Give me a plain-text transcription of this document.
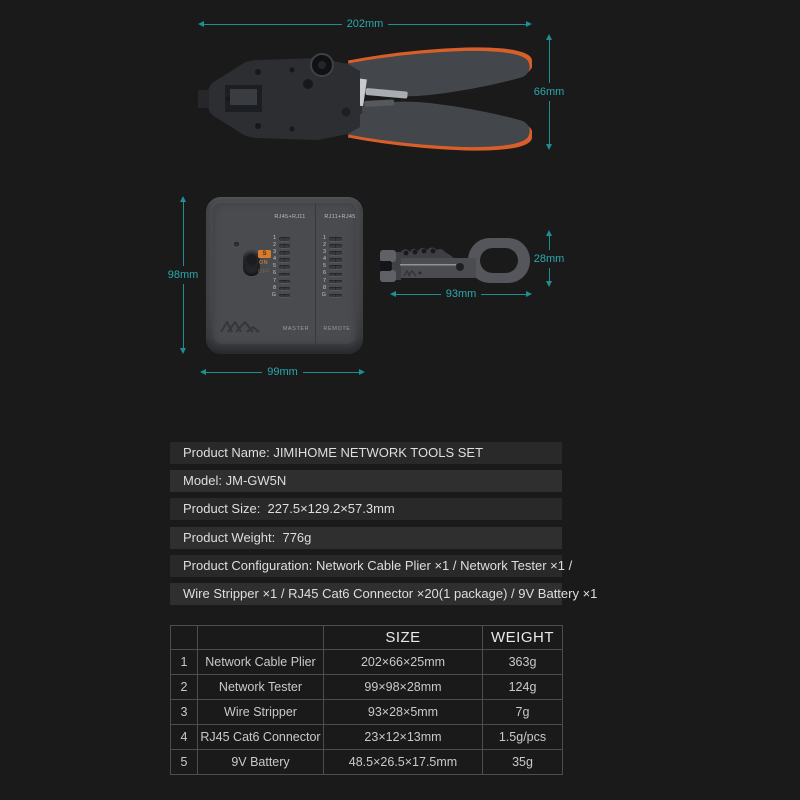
202mm
66mm
98mm
RJ45+RJ11	RJ11+RJ45
S
ON
OFF
1
2
3
4
5
6
7
8
G
1
2
3
4
5
6
7
8
G
MASTER	REMOTE
99mm
93mm
28mm
Product Name: JIMIHOME NETWORK TOOLS SET
Model: JM-GW5N
Product Size:  227.5×129.2×57.3mm
Product Weight:  776g
Product Configuration: Network Cable Plier ×1 / Network Tester ×1 /
Wire Stripper ×1 / RJ45 Cat6 Connector ×20(1 package) / 9V Battery ×1
		SIZE	WEIGHT
1	Network Cable Plier	202×66×25mm	363g
2	Network Tester	99×98×28mm	124g
3	Wire Stripper	93×28×5mm	7g
4	RJ45 Cat6 Connector	23×12×13mm	1.5g/pcs
5	9V Battery	48.5×26.5×17.5mm	35g
